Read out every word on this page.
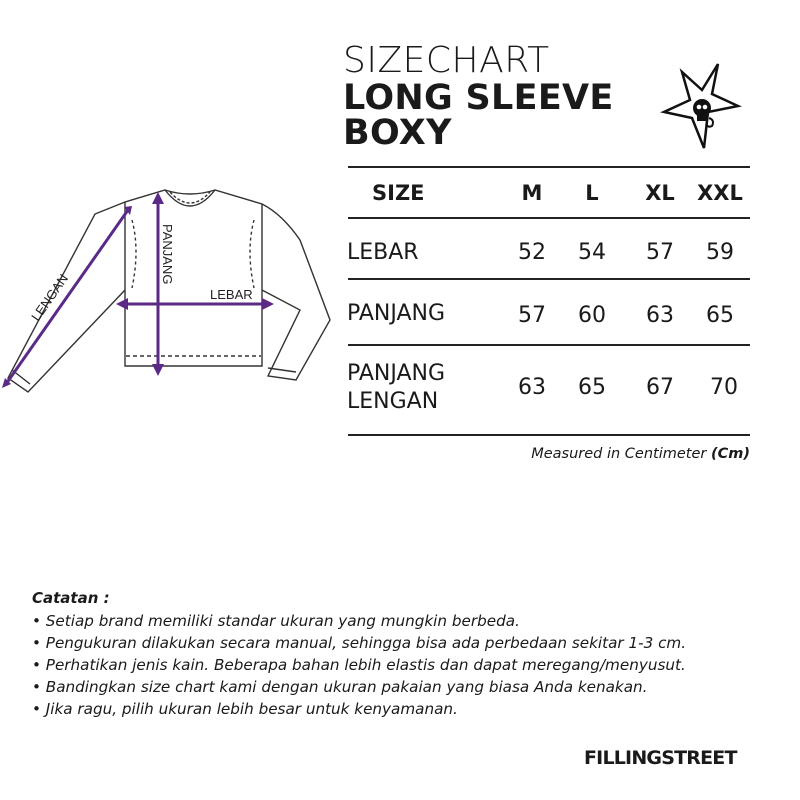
LEBAR
PANJANG
LENGAN
SIZECHART
LONG SLEEVE
BOXY
SIZE	M	L	XL	XXL
LEBAR	52	54	57	59
PANJANG	57	60	63	65
PANJANG
LENGAN
63	65	67	70
Measured in Centimeter (Cm)
Catatan :
• Setiap brand memiliki standar ukuran yang mungkin berbeda.
• Pengukuran dilakukan secara manual, sehingga bisa ada perbedaan sekitar 1-3 cm.
• Perhatikan jenis kain. Beberapa bahan lebih elastis dan dapat meregang/menyusut.
• Bandingkan size chart kami dengan ukuran pakaian yang biasa Anda kenakan.
• Jika ragu, pilih ukuran lebih besar untuk kenyamanan.
FILLINGSTREET
